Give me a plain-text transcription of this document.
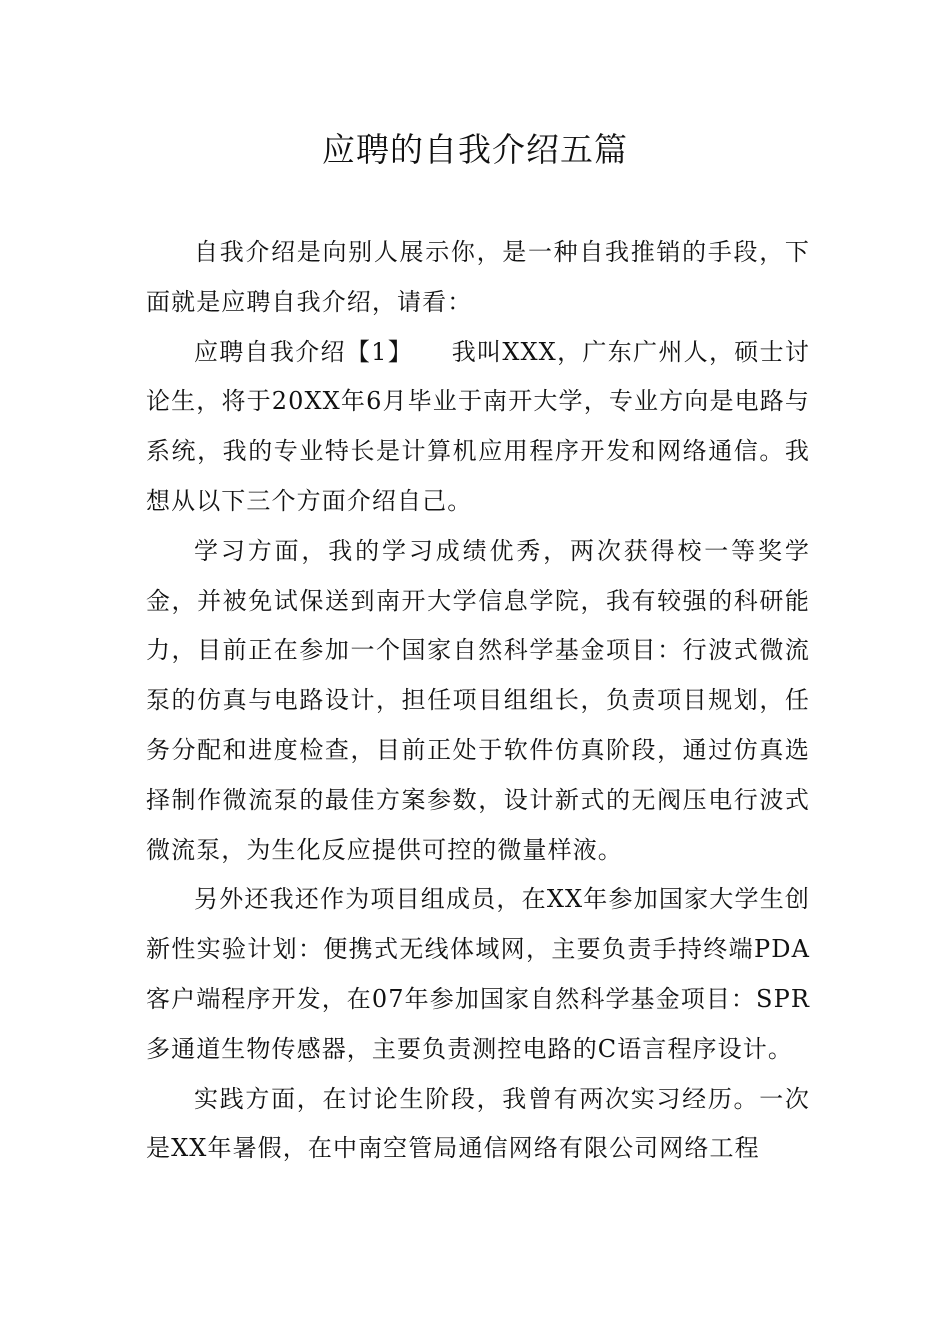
应聘的自我介绍五篇

自我介绍是向别人展示你，是一种自我推销的手段，下面就是应聘自我介绍，请看：

应聘自我介绍【1】　　我叫XXX，广东广州人，硕士讨论生，将于20XX年6月毕业于南开大学，专业方向是电路与系统，我的专业特长是计算机应用程序开发和网络通信。我想从以下三个方面介绍自己。

学习方面，我的学习成绩优秀，两次获得校一等奖学金，并被免试保送到南开大学信息学院，我有较强的科研能力，目前正在参加一个国家自然科学基金项目：行波式微流泵的仿真与电路设计，担任项目组组长，负责项目规划，任务分配和进度检查，目前正处于软件仿真阶段，通过仿真选择制作微流泵的最佳方案参数，设计新式的无阀压电行波式微流泵，为生化反应提供可控的微量样液。

另外还我还作为项目组成员，在XX年参加国家大学生创新性实验计划：便携式无线体域网，主要负责手持终端PDA客户端程序开发，在07年参加国家自然科学基金项目：SPR多通道生物传感器，主要负责测控电路的C语言程序设计。

实践方面，在讨论生阶段，我曾有两次实习经历。一次是XX年暑假，在中南空管局通信网络有限公司网络工程
